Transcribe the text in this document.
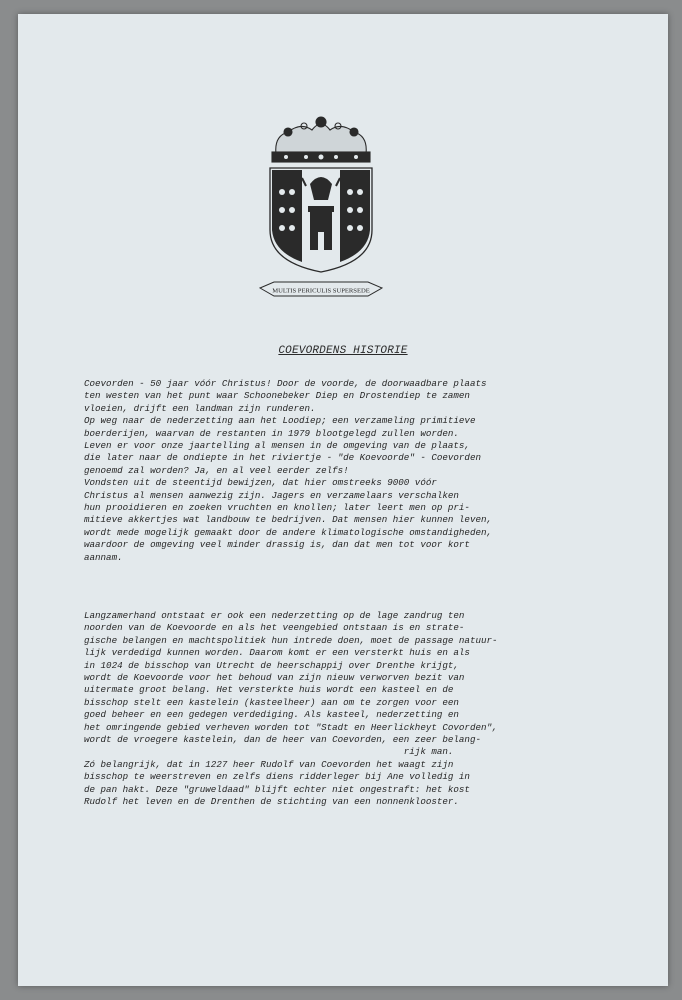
MULTIS PERICULIS SUPERSEDE
COEVORDENS HISTORIE
Coevorden - 50 jaar vóór Christus! Door de voorde, de doorwaadbare plaats
ten westen van het punt waar Schoonebeker Diep en Drostendiep te zamen
vloeien, drijft een landman zijn runderen.
Op weg naar de nederzetting aan het Loodiep; een verzameling primitieve
boerderijen, waarvan de restanten in 1979 blootgelegd zullen worden.
Leven er voor onze jaartelling al mensen in de omgeving van de plaats,
die later naar de ondiepte in het riviertje - "de Koevoorde" - Coevorden
genoemd zal worden? Ja, en al veel eerder zelfs!
Vondsten uit de steentijd bewijzen, dat hier omstreeks 9000 vóór
Christus al mensen aanwezig zijn. Jagers en verzamelaars verschalken
hun prooidieren en zoeken vruchten en knollen; later leert men op pri-
mitieve akkertjes wat landbouw te bedrijven. Dat mensen hier kunnen leven,
wordt mede mogelijk gemaakt door de andere klimatologische omstandigheden,
waardoor de omgeving veel minder drassig is, dan dat men tot voor kort
aannam.
Langzamerhand ontstaat er ook een nederzetting op de lage zandrug ten
noorden van de Koevoorde en als het veengebied ontstaan is en strate-
gische belangen en machtspolitiek hun intrede doen, moet de passage natuur-
lijk verdedigd kunnen worden. Daarom komt er een versterkt huis en als
in 1024 de bisschop van Utrecht de heerschappij over Drenthe krijgt,
wordt de Koevoorde voor het behoud van zijn nieuw verworven bezit van
uitermate groot belang. Het versterkte huis wordt een kasteel en de
bisschop stelt een kastelein (kasteelheer) aan om te zorgen voor een
goed beheer en een gedegen verdediging. Als kasteel, nederzetting en
het omringende gebied verheven worden tot "Stadt en Heerlickheyt Covorden",
wordt de vroegere kastelein, dan de heer van Coevorden, een zeer belang-
rijk man.
Zó belangrijk, dat in 1227 heer Rudolf van Coevorden het waagt zijn
bisschop te weerstreven en zelfs diens ridderleger bij Ane volledig in
de pan hakt. Deze "gruweldaad" blijft echter niet ongestraft: het kost
Rudolf het leven en de Drenthen de stichting van een nonnenklooster.
